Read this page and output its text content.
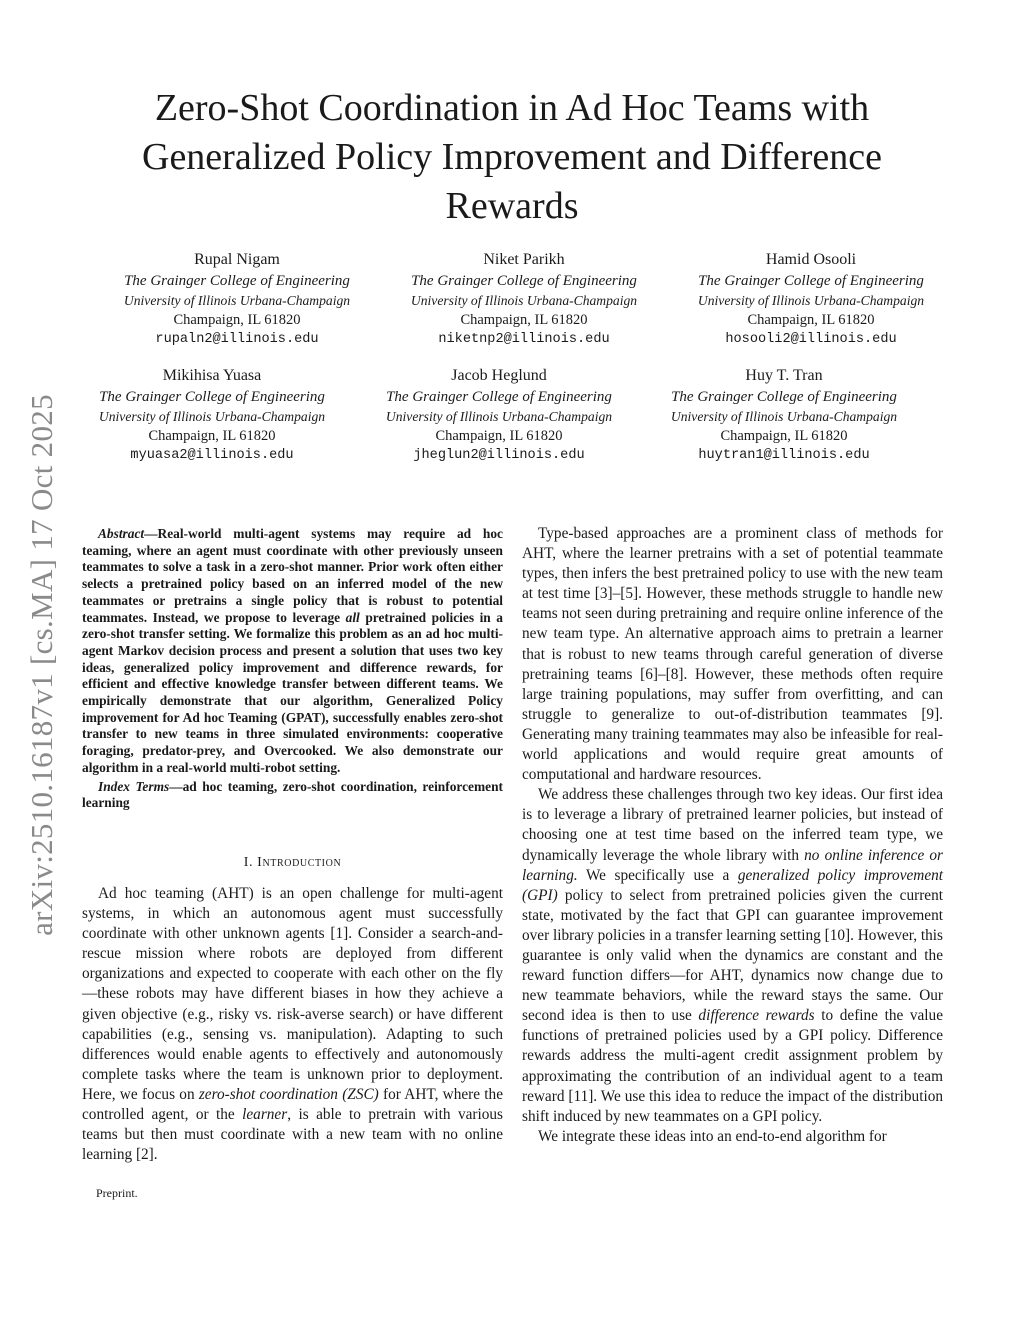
arXiv:2510.16187v1 [cs.MA] 17 Oct 2025
Zero-Shot Coordination in Ad Hoc Teams with Generalized Policy Improvement and Difference Rewards
Rupal Nigam
The Grainger College of Engineering
University of Illinois Urbana-Champaign
Champaign, IL 61820
rupaln2@illinois.edu
Niket Parikh
The Grainger College of Engineering
University of Illinois Urbana-Champaign
Champaign, IL 61820
niketnp2@illinois.edu
Hamid Osooli
The Grainger College of Engineering
University of Illinois Urbana-Champaign
Champaign, IL 61820
hosooli2@illinois.edu
Mikihisa Yuasa
The Grainger College of Engineering
University of Illinois Urbana-Champaign
Champaign, IL 61820
myuasa2@illinois.edu
Jacob Heglund
The Grainger College of Engineering
University of Illinois Urbana-Champaign
Champaign, IL 61820
jheglun2@illinois.edu
Huy T. Tran
The Grainger College of Engineering
University of Illinois Urbana-Champaign
Champaign, IL 61820
huytran1@illinois.edu

Abstract—Real-world multi-agent systems may require ad hoc teaming, where an agent must coordinate with other previously unseen teammates to solve a task in a zero-shot manner. Prior work often either selects a pretrained policy based on an inferred model of the new teammates or pretrains a single policy that is robust to potential teammates. Instead, we propose to leverage all pretrained policies in a zero-shot transfer setting. We formalize this problem as an ad hoc multi-agent Markov decision process and present a solution that uses two key ideas, generalized policy improvement and difference rewards, for efficient and effective knowledge transfer between different teams. We empirically demonstrate that our algorithm, Generalized Policy improvement for Ad hoc Teaming (GPAT), successfully enables zero-shot transfer to new teams in three simulated environments: cooperative foraging, predator-prey, and Overcooked. We also demonstrate our algorithm in a real-world multi-robot setting.

Index Terms—ad hoc teaming, zero-shot coordination, reinforcement learning

I. Introduction

Ad hoc teaming (AHT) is an open challenge for multi-agent systems, in which an autonomous agent must successfully coordinate with other unknown agents [1]. Consider a search-and-rescue mission where robots are deployed from different organizations and expected to cooperate with each other on the fly—these robots may have different biases in how they achieve a given objective (e.g., risky vs. risk-averse search) or have different capabilities (e.g., sensing vs. manipulation). Adapting to such differences would enable agents to effectively and autonomously complete tasks where the team is unknown prior to deployment. Here, we focus on zero-shot coordination (ZSC) for AHT, where the controlled agent, or the learner, is able to pretrain with various teams but then must coordinate with a new team with no online learning [2].

Preprint.

Type-based approaches are a prominent class of methods for AHT, where the learner pretrains with a set of potential teammate types, then infers the best pretrained policy to use with the new team at test time [3]–[5]. However, these methods struggle to handle new teams not seen during pretraining and require online inference of the new team type. An alternative approach aims to pretrain a learner that is robust to new teams through careful generation of diverse pretraining teams [6]–[8]. However, these methods often require large training populations, may suffer from overfitting, and can struggle to generalize to out-of-distribution teammates [9]. Generating many training teammates may also be infeasible for real-world applications and would require great amounts of computational and hardware resources.

We address these challenges through two key ideas. Our first idea is to leverage a library of pretrained learner policies, but instead of choosing one at test time based on the inferred team type, we dynamically leverage the whole library with no online inference or learning. We specifically use a generalized policy improvement (GPI) policy to select from pretrained policies given the current state, motivated by the fact that GPI can guarantee improvement over library policies in a transfer learning setting [10]. However, this guarantee is only valid when the dynamics are constant and the reward function differs—for AHT, dynamics now change due to new teammate behaviors, while the reward stays the same. Our second idea is then to use difference rewards to define the value functions of pretrained policies used by a GPI policy. Difference rewards address the multi-agent credit assignment problem by approximating the contribution of an individual agent to a team reward [11]. We use this idea to reduce the impact of the distribution shift induced by new teammates on a GPI policy.

We integrate these ideas into an end-to-end algorithm for
